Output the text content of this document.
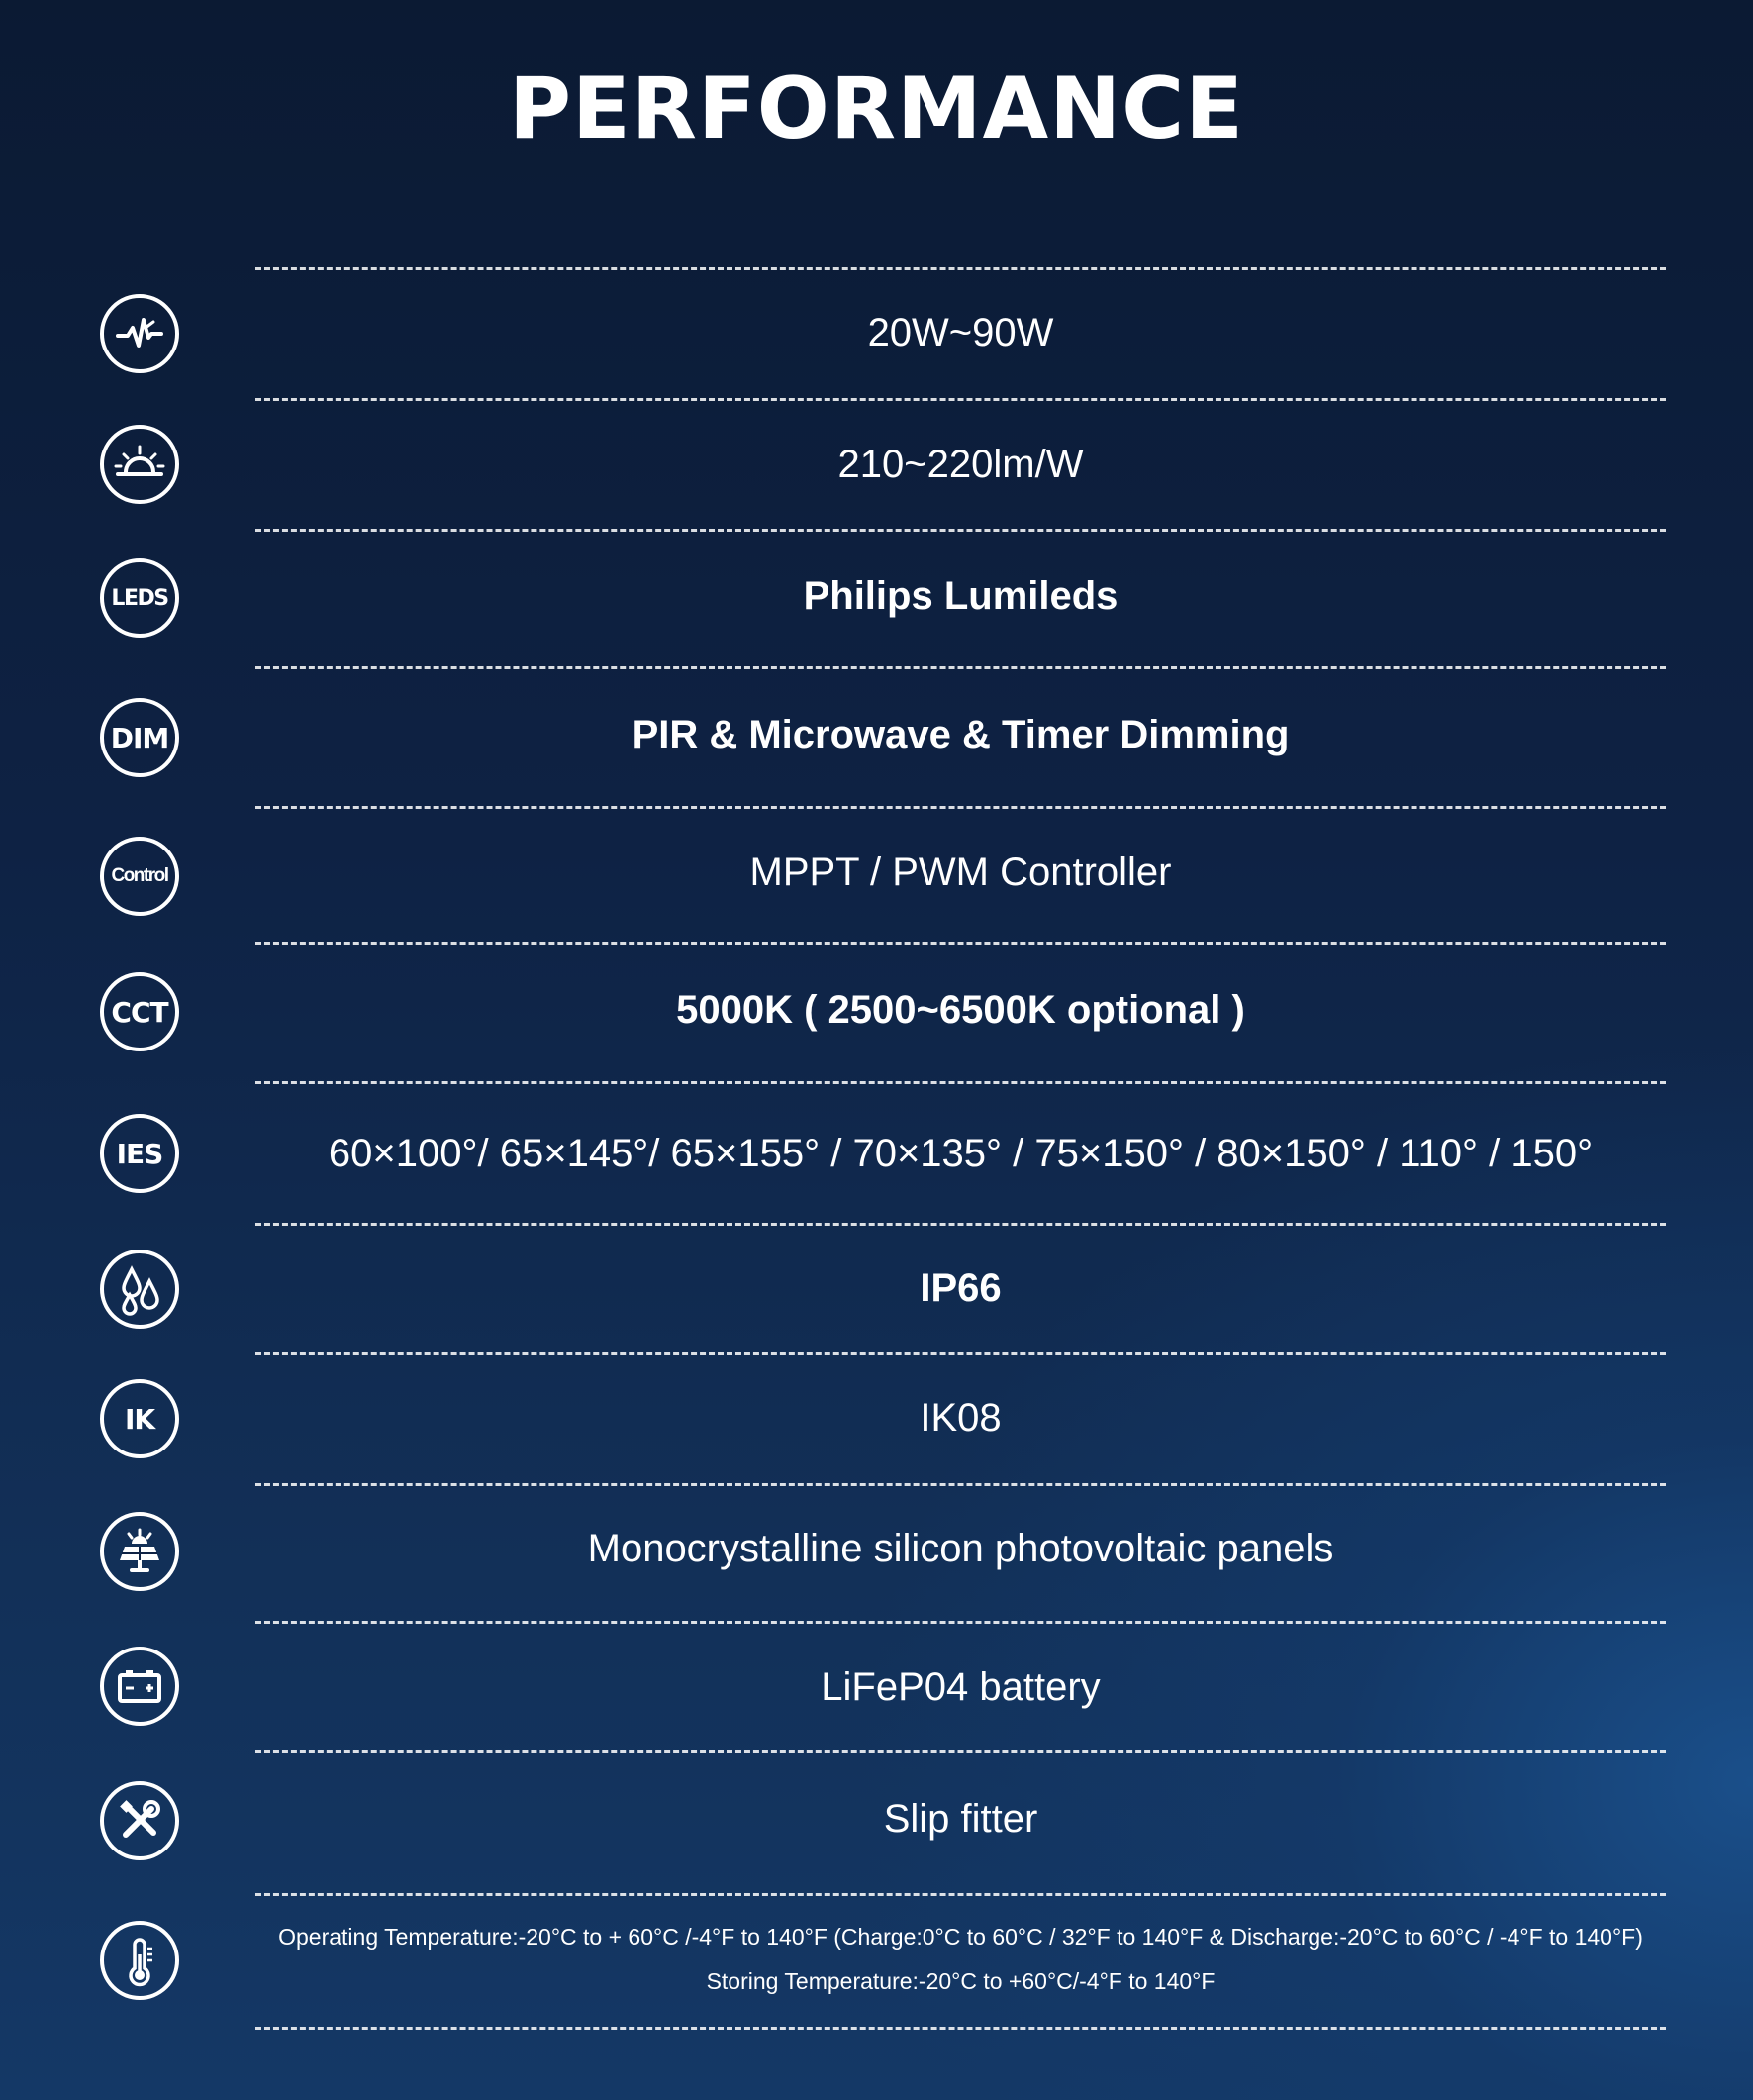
PERFORMANCE
20W~90W
210~220lm/W
LEDS	Philips Lumileds
DIM	PIR & Microwave & Timer Dimming
Control	MPPT / PWM Controller
CCT	5000K ( 2500~6500K optional )
IES	60×100°/ 65×145°/ 65×155° / 70×135° / 75×150° / 80×150° / 110° / 150°
IP66
IK	IK08
Monocrystalline silicon photovoltaic panels
LiFeP04 battery
Slip fitter
Operating Temperature:-20°C to + 60°C /-4°F to 140°F (Charge:0°C to 60°C / 32°F to 140°F & Discharge:-20°C to 60°C / -4°F to 140°F)
Storing Temperature:-20°C to +60°C/-4°F to 140°F
